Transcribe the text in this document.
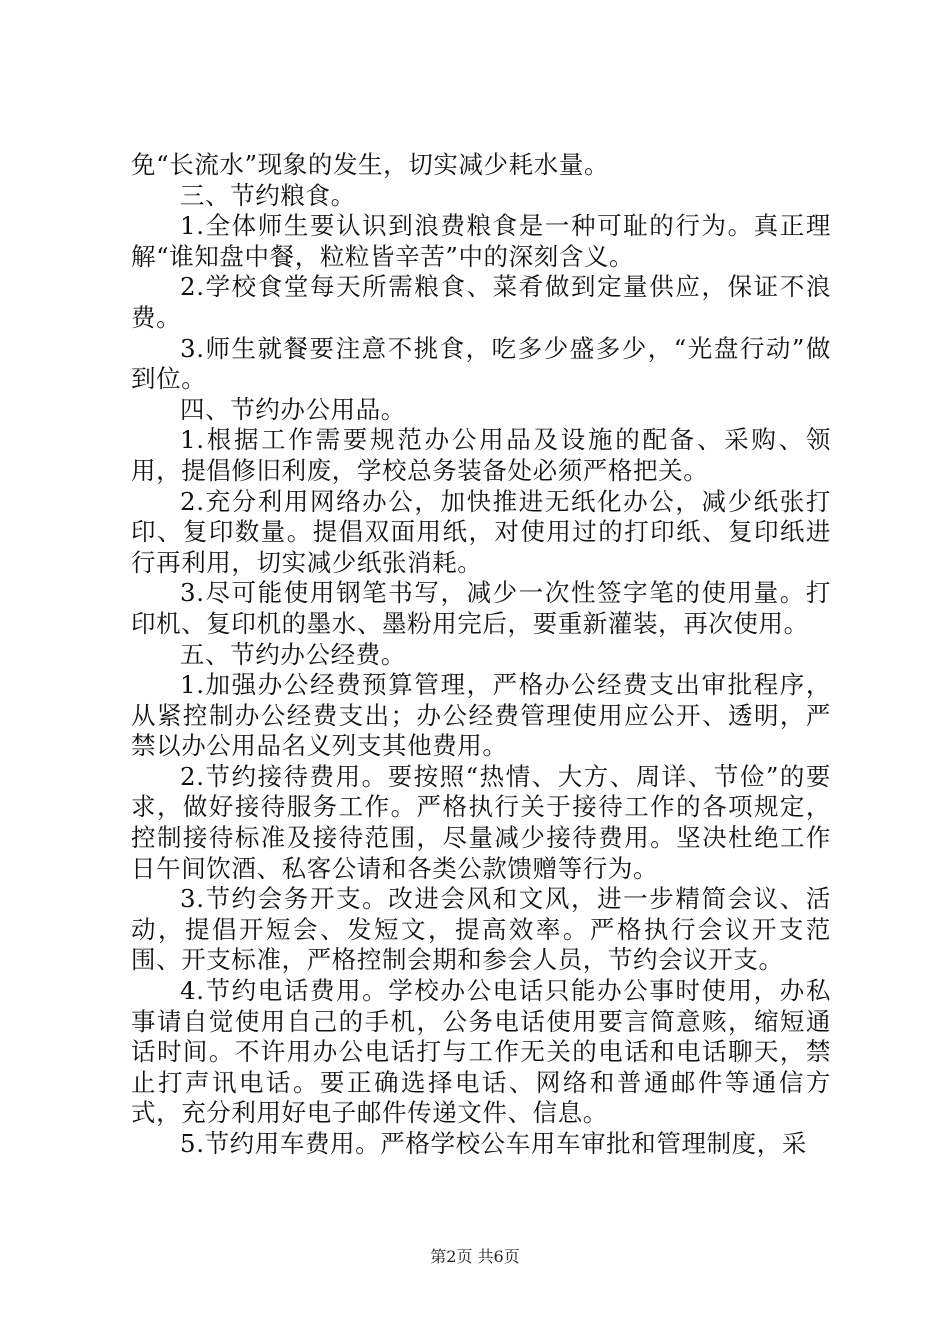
免“长流水”现象的发生，切实减少耗水量。

三、节约粮食。

1.全体师生要认识到浪费粮食是一种可耻的行为。真正理解“谁知盘中餐，粒粒皆辛苦”中的深刻含义。

2.学校食堂每天所需粮食、菜肴做到定量供应，保证不浪费。

3.师生就餐要注意不挑食，吃多少盛多少，“光盘行动”做到位。

四、节约办公用品。

1.根据工作需要规范办公用品及设施的配备、采购、领用，提倡修旧利废，学校总务装备处必须严格把关。

2.充分利用网络办公，加快推进无纸化办公，减少纸张打印、复印数量。提倡双面用纸，对使用过的打印纸、复印纸进行再利用，切实减少纸张消耗。

3.尽可能使用钢笔书写，减少一次性签字笔的使用量。打印机、复印机的墨水、墨粉用完后，要重新灌装，再次使用。

五、节约办公经费。

1.加强办公经费预算管理，严格办公经费支出审批程序，从紧控制办公经费支出；办公经费管理使用应公开、透明，严禁以办公用品名义列支其他费用。

2.节约接待费用。要按照“热情、大方、周详、节俭”的要求，做好接待服务工作。严格执行关于接待工作的各项规定，控制接待标准及接待范围，尽量减少接待费用。坚决杜绝工作日午间饮酒、私客公请和各类公款馈赠等行为。

3.节约会务开支。改进会风和文风，进一步精简会议、活动，提倡开短会、发短文，提高效率。严格执行会议开支范围、开支标准，严格控制会期和参会人员，节约会议开支。

4.节约电话费用。学校办公电话只能办公事时使用，办私事请自觉使用自己的手机，公务电话使用要言简意赅，缩短通话时间。不许用办公电话打与工作无关的电话和电话聊天，禁止打声讯电话。要正确选择电话、网络和普通邮件等通信方式，充分利用好电子邮件传递文件、信息。

5.节约用车费用。严格学校公车用车审批和管理制度，采

第2页 共6页
